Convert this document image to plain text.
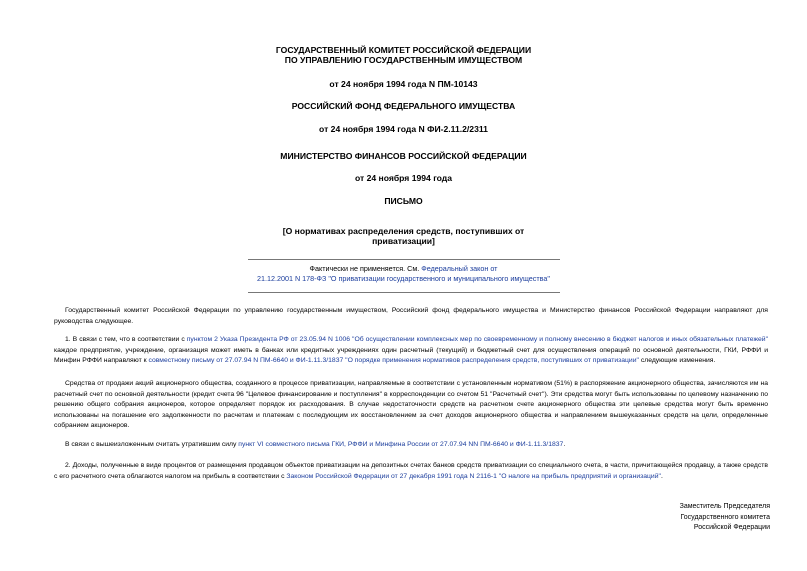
ГОСУДАРСТВЕННЫЙ КОМИТЕТ РОССИЙСКОЙ ФЕДЕРАЦИИ
ПО УПРАВЛЕНИЮ ГОСУДАРСТВЕННЫМ ИМУЩЕСТВОМ
от 24 ноября 1994 года N ПМ-10143
РОССИЙСКИЙ ФОНД ФЕДЕРАЛЬНОГО ИМУЩЕСТВА
от 24 ноября 1994 года N ФИ-2.11.2/2311
МИНИСТЕРСТВО ФИНАНСОВ РОССИЙСКОЙ ФЕДЕРАЦИИ
от 24 ноября 1994 года
ПИСЬМО
[О нормативах распределения средств, поступивших от
приватизации]
Фактически не применяется. См. Федеральный закон от
21.12.2001 N 178-ФЗ "О приватизации государственного и муниципального имущества"
Государственный комитет Российской Федерации по управлению государственным имуществом, Российский фонд федерального имущества и Министерство финансов Российской Федерации направляют для руководства следующее.
1. В связи с тем, что в соответствии с пунктом 2 Указа Президента РФ от 23.05.94 N 1006 "Об осуществлении комплексных мер по своевременному и полному внесению в бюджет налогов и иных обязательных платежей" каждое предприятие, учреждение, организация может иметь в банках или кредитных учреждениях один расчетный (текущий) и бюджетный счет для осуществления операций по основной деятельности, ГКИ, РФФИ и Минфин РФФИ направляют к совместному письму от 27.07.94 N ПМ-6640 и ФИ-1.11.3/1837 "О порядке применения нормативов распределения средств, поступивших от приватизации" следующие изменения.
Средства от продажи акций акционерного общества, созданного в процессе приватизации, направляемые в соответствии с установленным нормативом (51%) в распоряжение акционерного общества, зачисляются им на расчетный счет по основной деятельности (кредит счета 96 "Целевое финансирование и поступления" в корреспонденции со счетом 51 "Расчетный счет"). Эти средства могут быть использованы по целевому назначению по решению общего собрания акционеров, которое определяет порядок их расходования. В случае недостаточности средств на расчетном счете акционерного общества эти целевые средства могут быть временно использованы на погашение его задолженности по расчетам и платежам с последующим их восстановлением за счет доходов акционерного общества и направлением вышеуказанных средств на цели, определенные собранием акционеров.
В связи с вышеизложенным считать утратившим силу пункт VI совместного письма ГКИ, РФФИ и Минфина России от 27.07.94 NN ПМ-6640 и ФИ-1.11.3/1837.
2. Доходы, полученные в виде процентов от размещения продавцом объектов приватизации на депозитных счетах банков средств приватизации со специального счета, в части, причитающейся продавцу, а также средств с его расчетного счета облагаются налогом на прибыль в соответствии с Законом Российской Федерации от 27 декабря 1991 года N 2116-1 "О налоге на прибыль предприятий и организаций".
Заместитель Председателя
Государственного комитета
Российской Федерации
